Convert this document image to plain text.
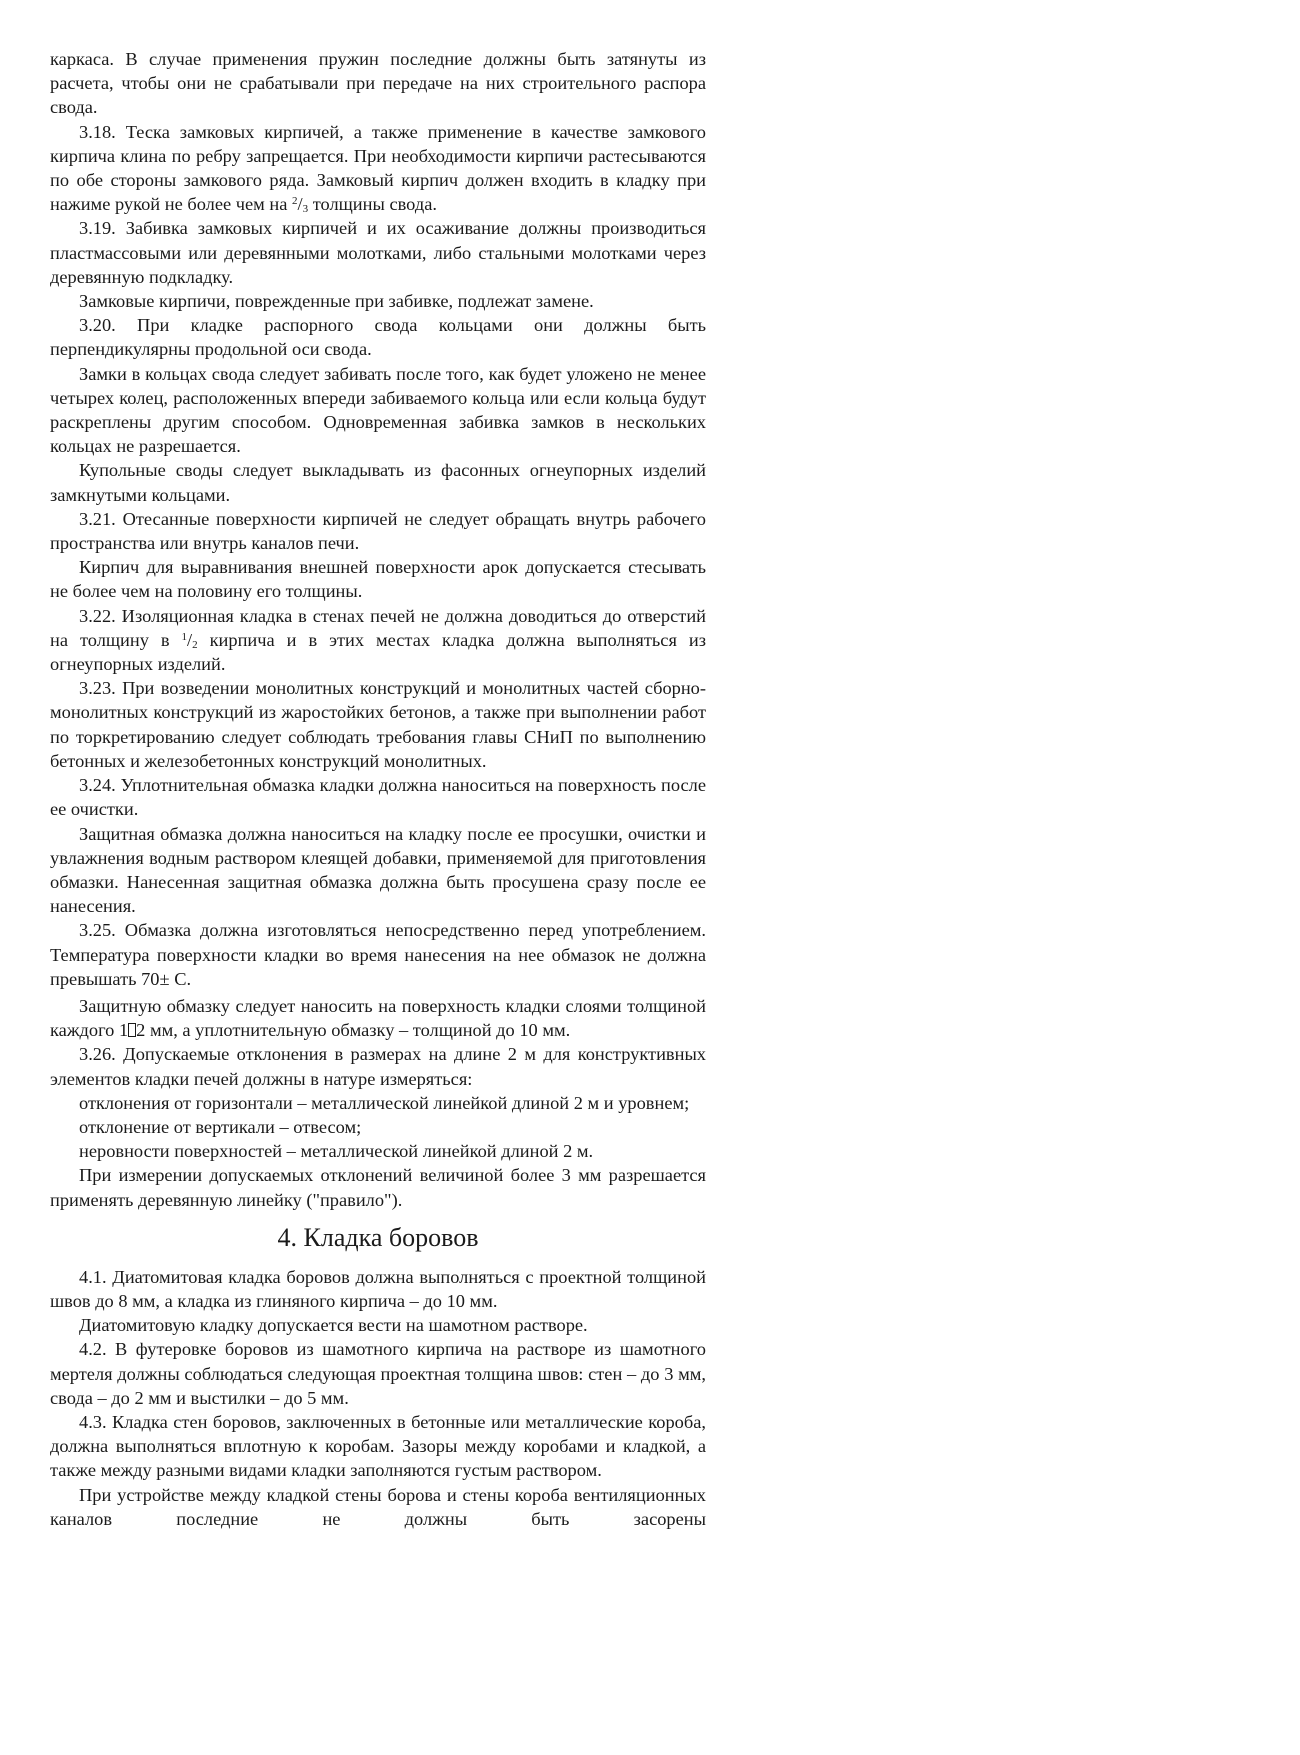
каркаса. В случае применения пружин последние должны быть затянуты из расчета, чтобы они не срабатывали при передаче на них строительного распора свода.

3.18. Теска замковых кирпичей, а также применение в качестве замкового кирпича клина по ребру запрещается. При необходимости кирпичи растесываются по обе стороны замкового ряда. Замковый кирпич должен входить в кладку при нажиме рукой не более чем на $^2/_3$ толщины свода.

3.19. Забивка замковых кирпичей и их осаживание должны производиться пластмассовыми или деревянными молотками, либо стальными молотками через деревянную подкладку.

Замковые кирпичи, поврежденные при забивке, подлежат замене.

3.20. При кладке распорного свода кольцами они должны быть перпендикулярны продольной оси свода.

Замки в кольцах свода следует забивать после того, как будет уложено не менее четырех колец, расположенных впереди забиваемого кольца или если кольца будут раскреплены другим способом. Одновременная забивка замков в нескольких кольцах не разрешается.

Купольные своды следует выкладывать из фасонных огнеупорных изделий замкнутыми кольцами.

3.21. Отесанные поверхности кирпичей не следует обращать внутрь рабочего пространства или внутрь каналов печи.

Кирпич для выравнивания внешней поверхности арок допускается стесывать не более чем на половину его толщины.

3.22. Изоляционная кладка в стенах печей не должна доводиться до отверстий на толщину в $^1/_2$ кирпича и в этих местах кладка должна выполняться из огнеупорных изделий.

3.23. При возведении монолитных конструкций и монолитных частей сборно-монолитных конструкций из жаростойких бетонов, а также при выполнении работ по торкретированию следует соблюдать требования главы СНиП по выполнению бетонных и железобетонных конструкций монолитных.

3.24. Уплотнительная обмазка кладки должна наноситься на поверхность после ее очистки.

Защитная обмазка должна наноситься на кладку после ее просушки, очистки и увлажнения водным раствором клеящей добавки, применяемой для приготовления обмазки. Нанесенная защитная обмазка должна быть просушена сразу после ее нанесения.

3.25. Обмазка должна изготовляться непосредственно перед употреблением. Температура поверхности кладки во время нанесения на нее обмазок не должна превышать 70± С.

Защитную обмазку следует наносить на поверхность кладки слоями толщиной каждого 1 2 мм, а уплотнительную обмазку – толщиной до 10 мм.

3.26. Допускаемые отклонения в размерах на длине 2 м для конструктивных элементов кладки печей должны в натуре измеряться:

отклонения от горизонтали – металлической линейкой длиной 2 м и уровнем;

отклонение от вертикали – отвесом;

неровности поверхностей – металлической линейкой длиной 2 м.

При измерении допускаемых отклонений величиной более 3 мм разрешается применять деревянную линейку ("правило").

4. Кладка боровов

4.1. Диатомитовая кладка боровов должна выполняться с проектной толщиной швов до 8 мм, а кладка из глиняного кирпича – до 10 мм.

Диатомитовую кладку допускается вести на шамотном растворе.

4.2. В футеровке боровов из шамотного кирпича на растворе из шамотного мертеля должны соблюдаться следующая проектная толщина швов: стен – до 3 мм, свода – до 2 мм и выстилки – до 5 мм.

4.3. Кладка стен боровов, заключенных в бетонные или металлические короба, должна выполняться вплотную к коробам. Зазоры между коробами и кладкой, а также между разными видами кладки заполняются густым раствором.

При устройстве между кладкой стены борова и стены короба вентиляционных каналов последние не должны быть засорены
